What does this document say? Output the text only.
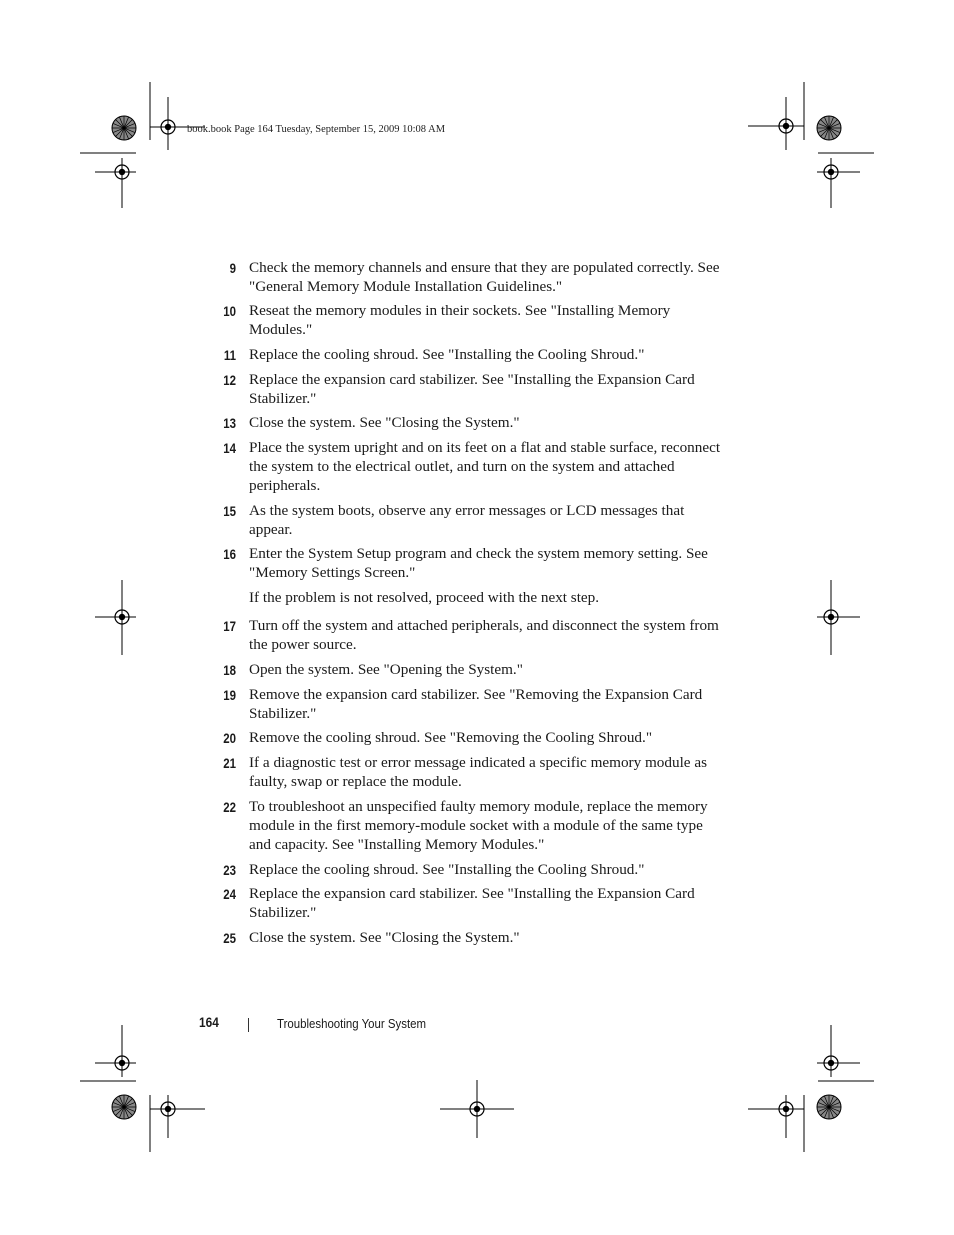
book.book Page 164 Tuesday, September 15, 2009 10:08 AM
9 Check the memory channels and ensure that they are populated correctly. See "General Memory Module Installation Guidelines."
10 Reseat the memory modules in their sockets. See "Installing Memory Modules."
11 Replace the cooling shroud. See "Installing the Cooling Shroud."
12 Replace the expansion card stabilizer. See "Installing the Expansion Card Stabilizer."
13 Close the system. See "Closing the System."
14 Place the system upright and on its feet on a flat and stable surface, reconnect the system to the electrical outlet, and turn on the system and attached peripherals.
15 As the system boots, observe any error messages or LCD messages that appear.
16 Enter the System Setup program and check the system memory setting. See "Memory Settings Screen."
If the problem is not resolved, proceed with the next step.
17 Turn off the system and attached peripherals, and disconnect the system from the power source.
18 Open the system. See "Opening the System."
19 Remove the expansion card stabilizer. See "Removing the Expansion Card Stabilizer."
20 Remove the cooling shroud. See "Removing the Cooling Shroud."
21 If a diagnostic test or error message indicated a specific memory module as faulty, swap or replace the module.
22 To troubleshoot an unspecified faulty memory module, replace the memory module in the first memory-module socket with a module of the same type and capacity. See "Installing Memory Modules."
23 Replace the cooling shroud. See "Installing the Cooling Shroud."
24 Replace the expansion card stabilizer. See "Installing the Expansion Card Stabilizer."
25 Close the system. See "Closing the System."
164	Troubleshooting Your System
